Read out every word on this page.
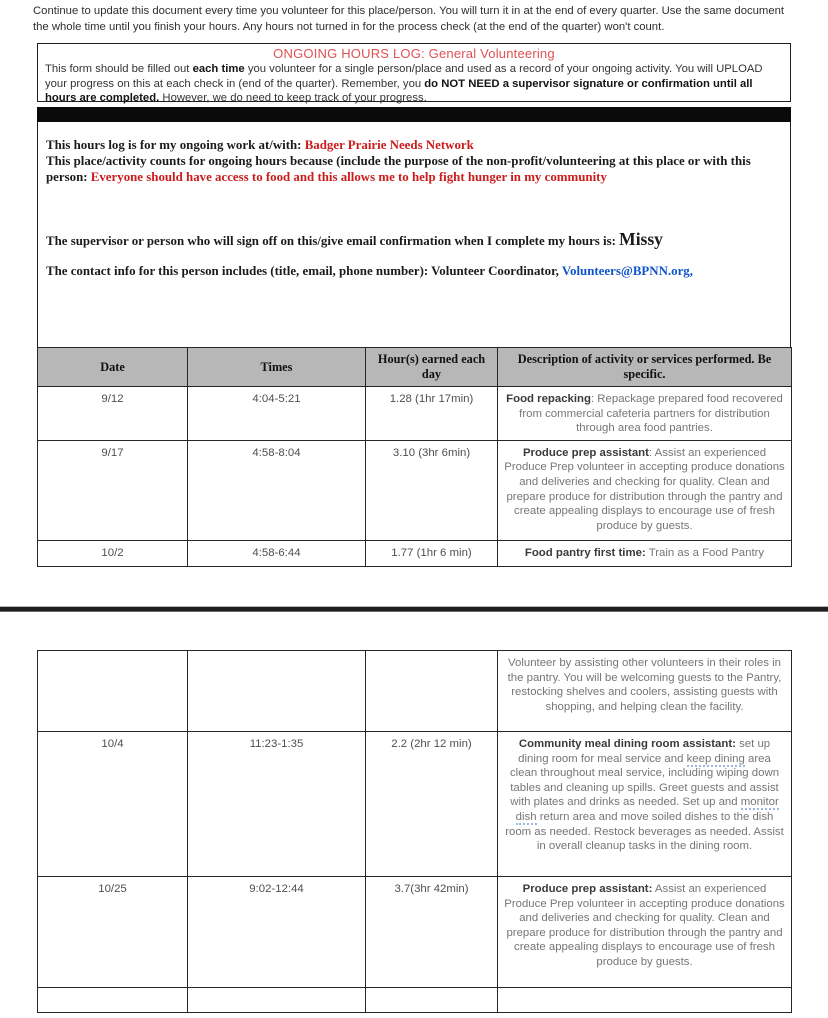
Continue to update this document every time you volunteer for this place/person. You will turn it in at the end of every quarter. Use the same document the whole time until you finish your hours. Any hours not turned in for the process check (at the end of the quarter) won't count.
ONGOING HOURS LOG: General Volunteering
This form should be filled out each time you volunteer for a single person/place and used as a record of your ongoing activity. You will UPLOAD your progress on this at each check in (end of the quarter). Remember, you do NOT NEED a supervisor signature or confirmation until all hours are completed. However, we do need to keep track of your progress.
This hours log is for my ongoing work at/with: Badger Prairie Needs Network
This place/activity counts for ongoing hours because (include the purpose of the non-profit/volunteering at this place or with this person: Everyone should have access to food and this allows me to help fight hunger in my community
The supervisor or person who will sign off on this/give email confirmation when I complete my hours is: Missy
The contact info for this person includes (title, email, phone number): Volunteer Coordinator, Volunteers@BPNN.org,
Date	Times	Hour(s) earned each day	Description of activity or services performed. Be specific.
9/12	4:04-5:21	1.28 (1hr 17min)	Food repacking: Repackage prepared food recovered from commercial cafeteria partners for distribution through area food pantries.
9/17	4:58-8:04	3.10 (3hr 6min)	Produce prep assistant: Assist an experienced Produce Prep volunteer in accepting produce donations and deliveries and checking for quality. Clean and prepare produce for distribution through the pantry and create appealing displays to encourage use of fresh produce by guests.
10/2	4:58-6:44	1.77 (1hr 6 min)	Food pantry first time: Train as a Food Pantry
			Volunteer by assisting other volunteers in their roles in the pantry. You will be welcoming guests to the Pantry, restocking shelves and coolers, assisting guests with shopping, and helping clean the facility.
10/4	11:23-1:35	2.2 (2hr 12 min)	Community meal dining room assistant: set up dining room for meal service and keep dining area clean throughout meal service, including wiping down tables and cleaning up spills. Greet guests and assist with plates and drinks as needed. Set up and monitor dish return area and move soiled dishes to the dish room as needed. Restock beverages as needed. Assist in overall cleanup tasks in the dining room.
10/25	9:02-12:44	3.7(3hr 42min)	Produce prep assistant: Assist an experienced Produce Prep volunteer in accepting produce donations and deliveries and checking for quality. Clean and prepare produce for distribution through the pantry and create appealing displays to encourage use of fresh produce by guests.
